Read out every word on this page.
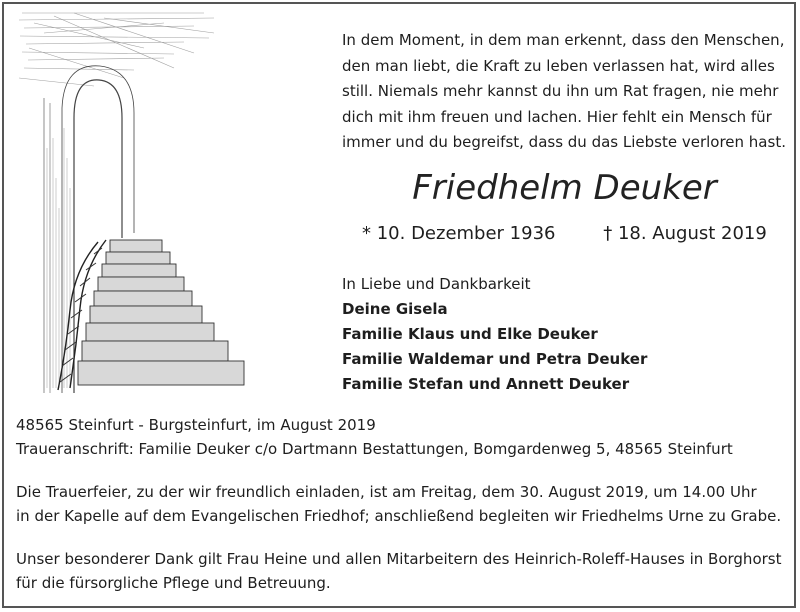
In dem Moment, in dem man erkennt, dass den Menschen,

den man liebt, die Kraft zu leben verlassen hat, wird alles

still. Niemals mehr kannst du ihn um Rat fragen, nie mehr

dich mit ihm freuen und lachen. Hier fehlt ein Mensch für

immer und du begreifst, dass du das Liebste verloren hast.

Friedhelm Deuker
* 10. Dezember 1936	† 18. August 2019
In Liebe und Dankbarkeit
Deine Gisela
Familie Klaus und Elke Deuker
Familie Waldemar und Petra Deuker
Familie Stefan und Annett Deuker

48565 Steinfurt - Burgsteinfurt, im August 2019

Traueranschrift: Familie Deuker c/o Dartmann Bestattungen, Bomgardenweg 5, 48565 Steinfurt

Die Trauerfeier, zu der wir freundlich einladen, ist am Freitag, dem 30. August 2019, um 14.00 Uhr

in der Kapelle auf dem Evangelischen Friedhof; anschließend begleiten wir Friedhelms Urne zu Grabe.

Unser besonderer Dank gilt Frau Heine und allen Mitarbeitern des Heinrich-Roleff-Hauses in Borghorst

für die fürsorgliche Pflege und Betreuung.
